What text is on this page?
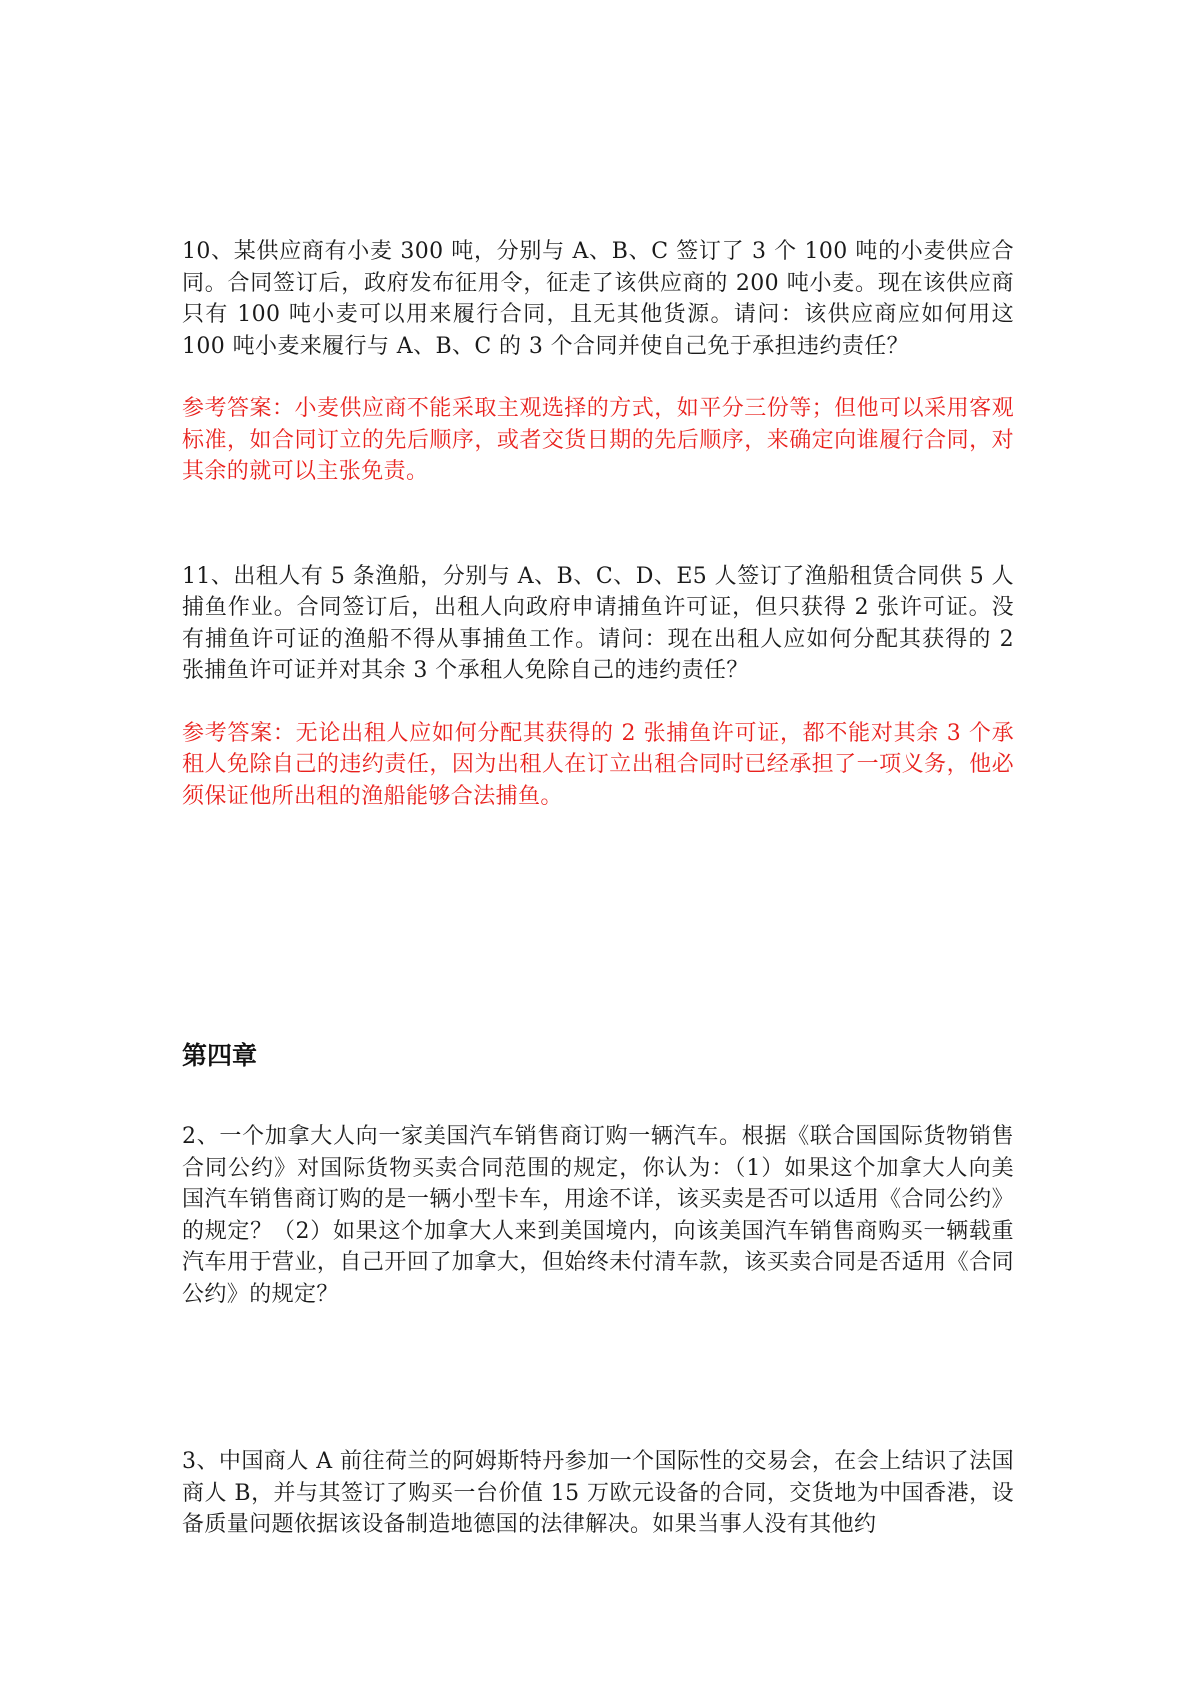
10、某供应商有小麦 300 吨，分别与 A、B、C 签订了 3 个 100 吨的小麦供应合同。合同签订后，政府发布征用令，征走了该供应商的 200 吨小麦。现在该供应商只有 100 吨小麦可以用来履行合同，且无其他货源。请问：该供应商应如何用这 100 吨小麦来履行与 A、B、C 的 3 个合同并使自己免于承担违约责任？

参考答案：小麦供应商不能采取主观选择的方式，如平分三份等；但他可以采用客观标准，如合同订立的先后顺序，或者交货日期的先后顺序，来确定向谁履行合同，对其余的就可以主张免责。

11、出租人有 5 条渔船，分别与 A、B、C、D、E5 人签订了渔船租赁合同供 5 人捕鱼作业。合同签订后，出租人向政府申请捕鱼许可证，但只获得 2 张许可证。没有捕鱼许可证的渔船不得从事捕鱼工作。请问：现在出租人应如何分配其获得的 2 张捕鱼许可证并对其余 3 个承租人免除自己的违约责任？

参考答案：无论出租人应如何分配其获得的 2 张捕鱼许可证，都不能对其余 3 个承租人免除自己的违约责任，因为出租人在订立出租合同时已经承担了一项义务，他必须保证他所出租的渔船能够合法捕鱼。

第四章

2、一个加拿大人向一家美国汽车销售商订购一辆汽车。根据《联合国国际货物销售合同公约》对国际货物买卖合同范围的规定，你认为：（1）如果这个加拿大人向美国汽车销售商订购的是一辆小型卡车，用途不详，该买卖是否可以适用《合同公约》的规定？（2）如果这个加拿大人来到美国境内，向该美国汽车销售商购买一辆载重汽车用于营业，自己开回了加拿大，但始终未付清车款，该买卖合同是否适用《合同公约》的规定？

3、中国商人 A 前往荷兰的阿姆斯特丹参加一个国际性的交易会，在会上结识了法国商人 B，并与其签订了购买一台价值 15 万欧元设备的合同，交货地为中国香港，设备质量问题依据该设备制造地德国的法律解决。如果当事人没有其他约
